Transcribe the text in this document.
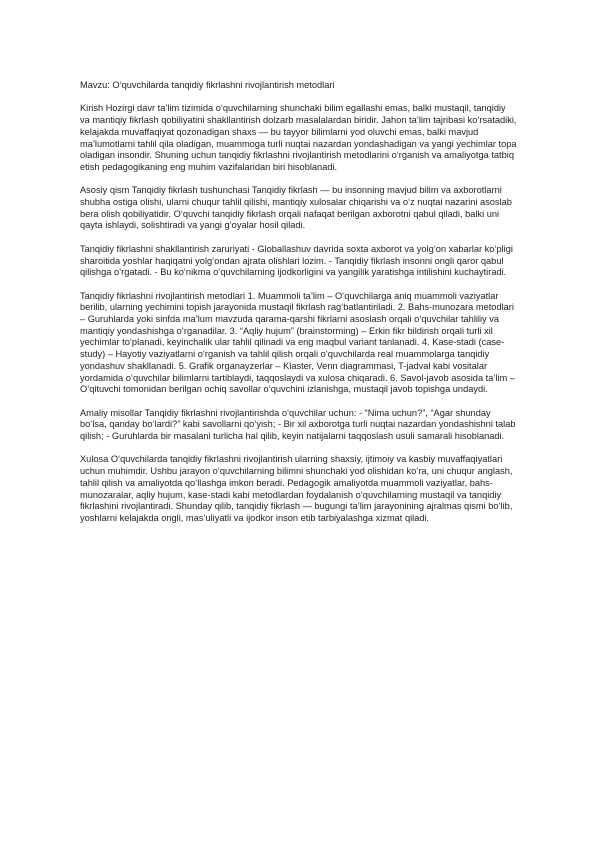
Mavzu: O‘quvchilarda tanqidiy fikrlashni rivojlantirish metodlari

Kirish Hozirgi davr ta’lim tizimida o‘quvchilarning shunchaki bilim egallashi emas, balki mustaqil, tanqidiy va mantiqiy fikrlash qobiliyatini shakllantirish dolzarb masalalardan biridir. Jahon ta’lim tajribasi ko‘rsatadiki, kelajakda muvaffaqiyat qozonadigan shaxs — bu tayyor bilimlarni yod oluvchi emas, balki mavjud ma’lumotlarni tahlil qila oladigan, muammoga turli nuqtai nazardan yondashadigan va yangi yechimlar topa oladigan insondir. Shuning uchun tanqidiy fikrlashni rivojlantirish metodlarini o‘rganish va amaliyotga tatbiq etish pedagogikaning eng muhim vazifalaridan biri hisoblanadi.

Asosiy qism Tanqidiy fikrlash tushunchasi Tanqidiy fikrlash — bu insonning mavjud bilim va axborotlarni shubha ostiga olishi, ularni chuqur tahlil qilishi, mantiqiy xulosalar chiqarishi va o‘z nuqtai nazarini asoslab bera olish qobiliyatidir. O‘quvchi tanqidiy fikrlash orqali nafaqat berilgan axborotni qabul qiladi, balki uni qayta ishlaydi, solishtiradi va yangi g‘oyalar hosil qiladi.

Tanqidiy fikrlashni shakllantirish zaruriyati - Globallashuv davrida soxta axborot va yolg‘on xabarlar ko‘pligi sharoitida yoshlar haqiqatni yolg‘ondan ajrata olishlari lozim. - Tanqidiy fikrlash insonni ongli qaror qabul qilishga o‘rgatadi. - Bu ko‘nikma o‘quvchilarning ijodkorligini va yangilik yaratishga intilishini kuchaytiradi.

Tanqidiy fikrlashni rivojlantirish metodlari 1. Muammoli ta’lim – O‘quvchilarga aniq muammoli vaziyatlar berilib, ularning yechimini topish jarayonida mustaqil fikrlash rag‘batlantiriladi. 2. Bahs-munozara metodlari – Guruhlarda yoki sinfda ma’lum mavzuda qarama-qarshi fikrlarni asoslash orqali o‘quvchilar tahliliy va mantiqiy yondashishga o‘rganadilar. 3. “Aqliy hujum” (brainstorming) – Erkin fikr bildirish orqali turli xil yechimlar to‘planadi, keyinchalik ular tahlil qilinadi va eng maqbul variant tanlanadi. 4. Kase-stadi (case-study) – Hayotiy vaziyatlarni o‘rganish va tahlil qilish orqali o‘quvchilarda real muammolarga tanqidiy yondashuv shakllanadi. 5. Grafik organayzerlar – Klaster, Venn diagrammasi, T-jadval kabi vositalar yordamida o‘quvchilar bilimlarni tartiblaydi, taqqoslaydi va xulosa chiqaradi. 6. Savol-javob asosida ta’lim – O‘qituvchi tomonidan berilgan ochiq savollar o‘quvchini izlanishga, mustaqil javob topishga undaydi.

Amaliy misollar Tanqidiy fikrlashni rivojlantirishda o‘quvchilar uchun: - “Nima uchun?”, “Agar shunday bo‘lsa, qanday bo‘lardi?” kabi savollarni qo‘yish; - Bir xil axborotga turli nuqtai nazardan yondashishni talab qilish; - Guruhlarda bir masalani turlicha hal qilib, keyin natijalarni taqqoslash usuli samarali hisoblanadi.

Xulosa O‘quvchilarda tanqidiy fikrlashni rivojlantirish ularning shaxsiy, ijtimoiy va kasbiy muvaffaqiyatlari uchun muhimdir. Ushbu jarayon o‘quvchilarning bilimni shunchaki yod olishidan ko‘ra, uni chuqur anglash, tahlil qilish va amaliyotda qo‘llashga imkon beradi. Pedagogik amaliyotda muammoli vaziyatlar, bahs-munozaralar, aqliy hujum, kase-stadi kabi metodlardan foydalanish o‘quvchilarning mustaqil va tanqidiy fikrlashini rivojlantiradi. Shunday qilib, tanqidiy fikrlash — bugungi ta’lim jarayonining ajralmas qismi bo‘lib, yoshlarni kelajakda ongli, mas’uliyatli va ijodkor inson etib tarbiyalashga xizmat qiladi.
